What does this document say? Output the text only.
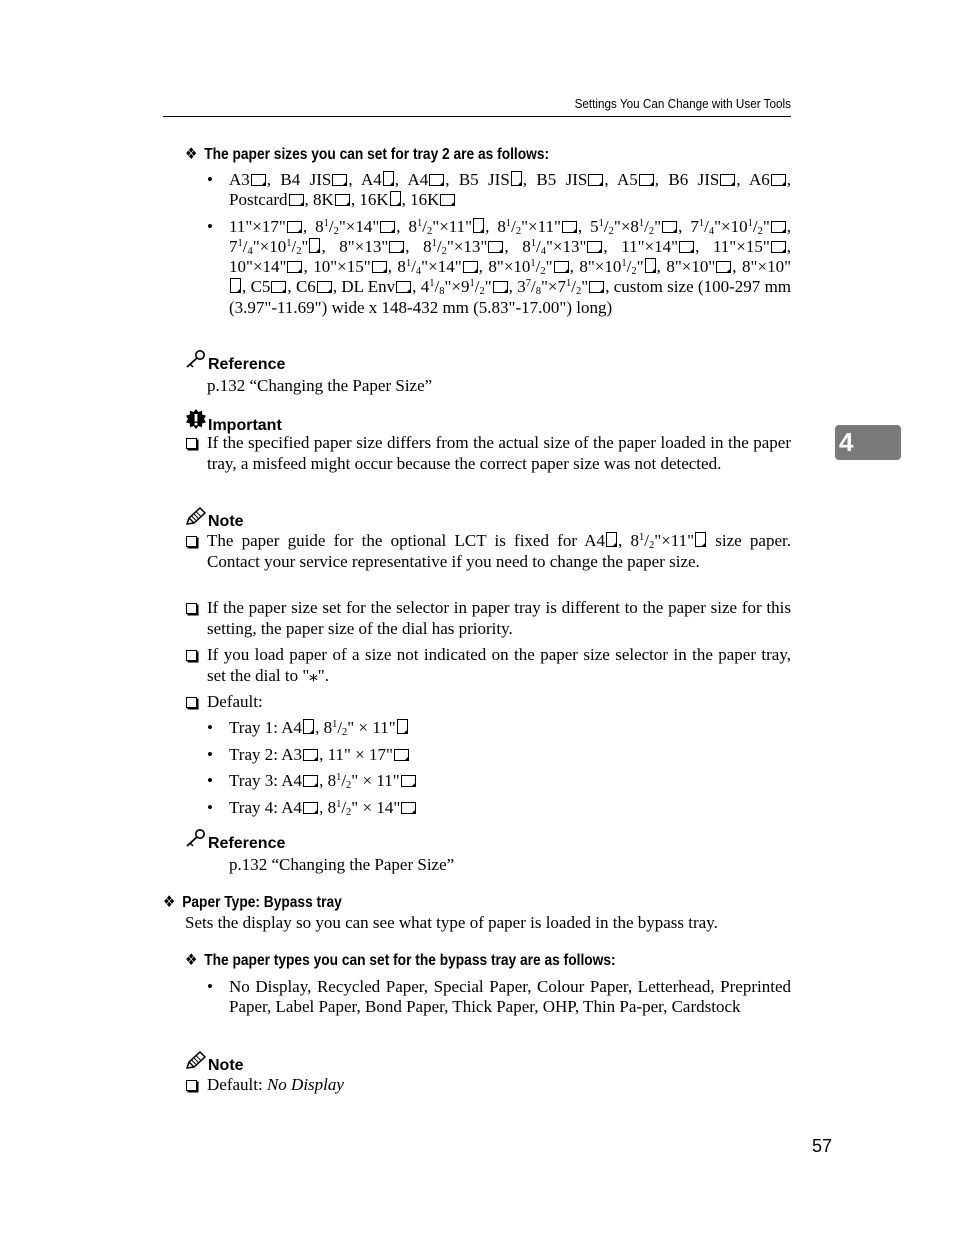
Settings You Can Change with User Tools
4
❖ The paper sizes you can set for tray 2 are as follows:
• A3 , B4 JIS , A4 , A4 , B5 JIS , B5 JIS , A5 , B6 JIS , A6 , Postcard , 8K , 16K , 16K
• 11"×17" , $8^1/_2"\times 14$" , $8^1/_2"\times 11$" , $8^1/_2"\times 11$" , $5^1/_2"\times 8^1/_2$" , $7^1/_4"\times 10^1/_2$" , $7^1/_4"\times 10^1/_2$" , 8"×13" , $8^1/_2"\times 13$" , $8^1/_4"\times 13$" , 11"×14" , 11"×15" , 10"×14" , 10"×15" , $8^1/_4"\times 14$" , $8"\times 10^1/_2$" , $8"\times 10^1/_2$" , 8"×10" , 8"×10", C5 , C6 , DL Env , $4^1/_8"\times 9^1/_2$" , $3^7/_8"\times 7^1/_2$" , custom size (100-297 mm (3.97"-11.69") wide x 148-432 mm (5.83"-17.00") long)
Reference
p.132 “Changing the Paper Size”
Important
If the specified paper size differs from the actual size of the paper loaded in the paper tray, a misfeed might occur because the correct paper size was not detected.
Note
The paper guide for the optional LCT is fixed for A4 , $8^1/_2"\times 11$" size paper. Contact your service representative if you need to change the paper size.
If the paper size set for the selector in paper tray is different to the paper size for this setting, the paper size of the dial has priority.
If you load paper of a size not indicated on the paper size selector in the paper tray, set the dial to "⁎".
Default:
• Tray 1: A4 , $8^1/_2$" × 11"
• Tray 2: A3 , 11" × 17"
• Tray 3: A4 , $8^1/_2$" × 11"
• Tray 4: A4 , $8^1/_2$" × 14"
Reference
p.132 “Changing the Paper Size”
❖ Paper Type: Bypass tray
Sets the display so you can see what type of paper is loaded in the bypass tray.
❖ The paper types you can set for the bypass tray are as follows:
• No Display, Recycled Paper, Special Paper, Colour Paper, Letterhead, Preprinted Paper, Label Paper, Bond Paper, Thick Paper, OHP, Thin Pa-per, Cardstock
Note
Default: No Display
57
